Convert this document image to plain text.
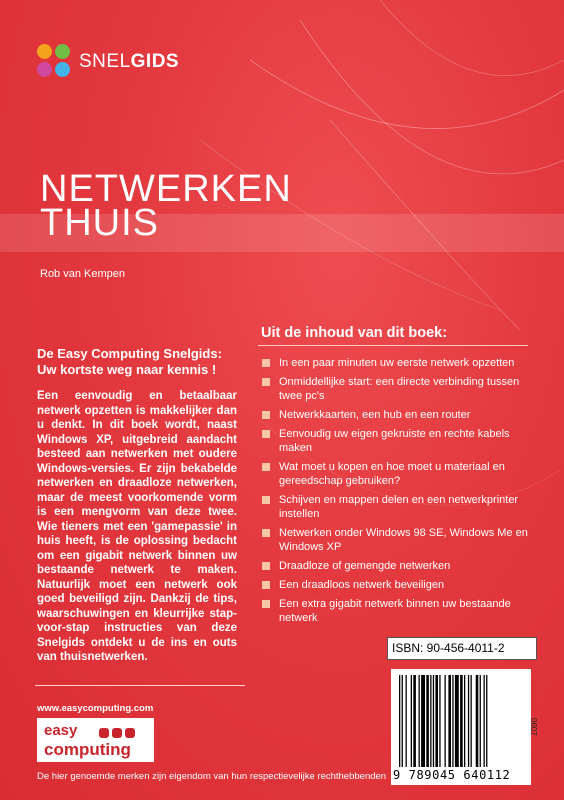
SNELGIDS
NETWERKEN
THUIS
Rob van Kempen
De Easy Computing Snelgids: Uw kortste weg naar kennis !
Een eenvoudig en betaalbaar netwerk opzetten is makkelijker dan u denkt. In dit boek wordt, naast Windows XP, uitgebreid aandacht besteed aan netwerken met oudere Windows-versies. Er zijn bekabelde netwerken en draadloze netwerken, maar de meest voorkomende vorm is een mengvorm van deze twee. Wie tieners met een 'gamepassie' in huis heeft, is de oplossing bedacht om een gigabit netwerk binnen uw bestaande netwerk te maken. Natuurlijk moet een netwerk ook goed beveiligd zijn. Dankzij de tips, waarschuwingen en kleurrijke stap-voor-stap instructies van deze Snelgids ontdekt u de ins en outs van thuisnetwerken.
www.easycomputing.com
easy
computing
De hier genoemde merken zijn eigendom van hun respectievelijke rechthebbenden
Uit de inhoud van dit boek:
In een paar minuten uw eerste netwerk opzetten
Onmiddellijke start: een directe verbinding tussen twee pc's
Netwerkkaarten, een hub en een router
Eenvoudig uw eigen gekruiste en rechte kabels maken
Wat moet u kopen en hoe moet u materiaal en gereedschap gebruiken?
Schijven en mappen delen en een netwerkprinter instellen
Netwerken onder Windows 98 SE, Windows Me en Windows XP
Draadloze of gemengde netwerken
Een draadloos netwerk beveiligen
Een extra gigabit netwerk binnen uw bestaande netwerk
ISBN: 90-456-4011-2
9 789045 640112
0607
